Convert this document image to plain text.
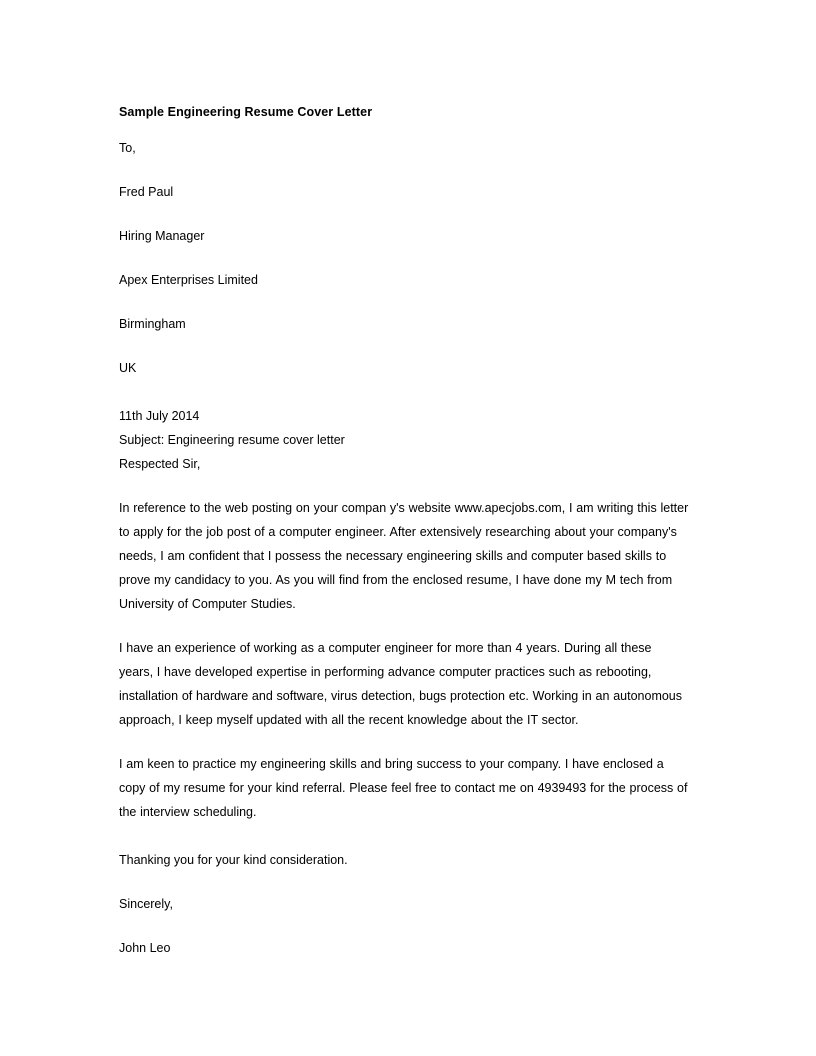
Sample Engineering Resume Cover Letter

To,

Fred Paul

Hiring Manager

Apex Enterprises Limited

Birmingham

UK

11th July 2014

Subject: Engineering resume cover letter

Respected Sir,

In reference to the web posting on your compan y's website www.apecjobs.com, I am writing this letter to apply for the job post of a computer engineer. After extensively researching about your company's needs, I am confident that I possess the necessary engineering skills and computer based skills to prove my candidacy to you. As you will find from the enclosed resume, I have done my M tech from University of Computer Studies.

I have an experience of working as a computer engineer for more than 4 years. During all these years, I have developed expertise in performing advance computer practices such as rebooting, installation of hardware and software, virus detection, bugs protection etc. Working in an autonomous approach, I keep myself updated with all the recent knowledge about the IT sector.

I am keen to practice my engineering skills and bring success to your company. I have enclosed a copy of my resume for your kind referral. Please feel free to contact me on 4939493 for the process of the interview scheduling.

Thanking you for your kind consideration.

Sincerely,

John Leo
